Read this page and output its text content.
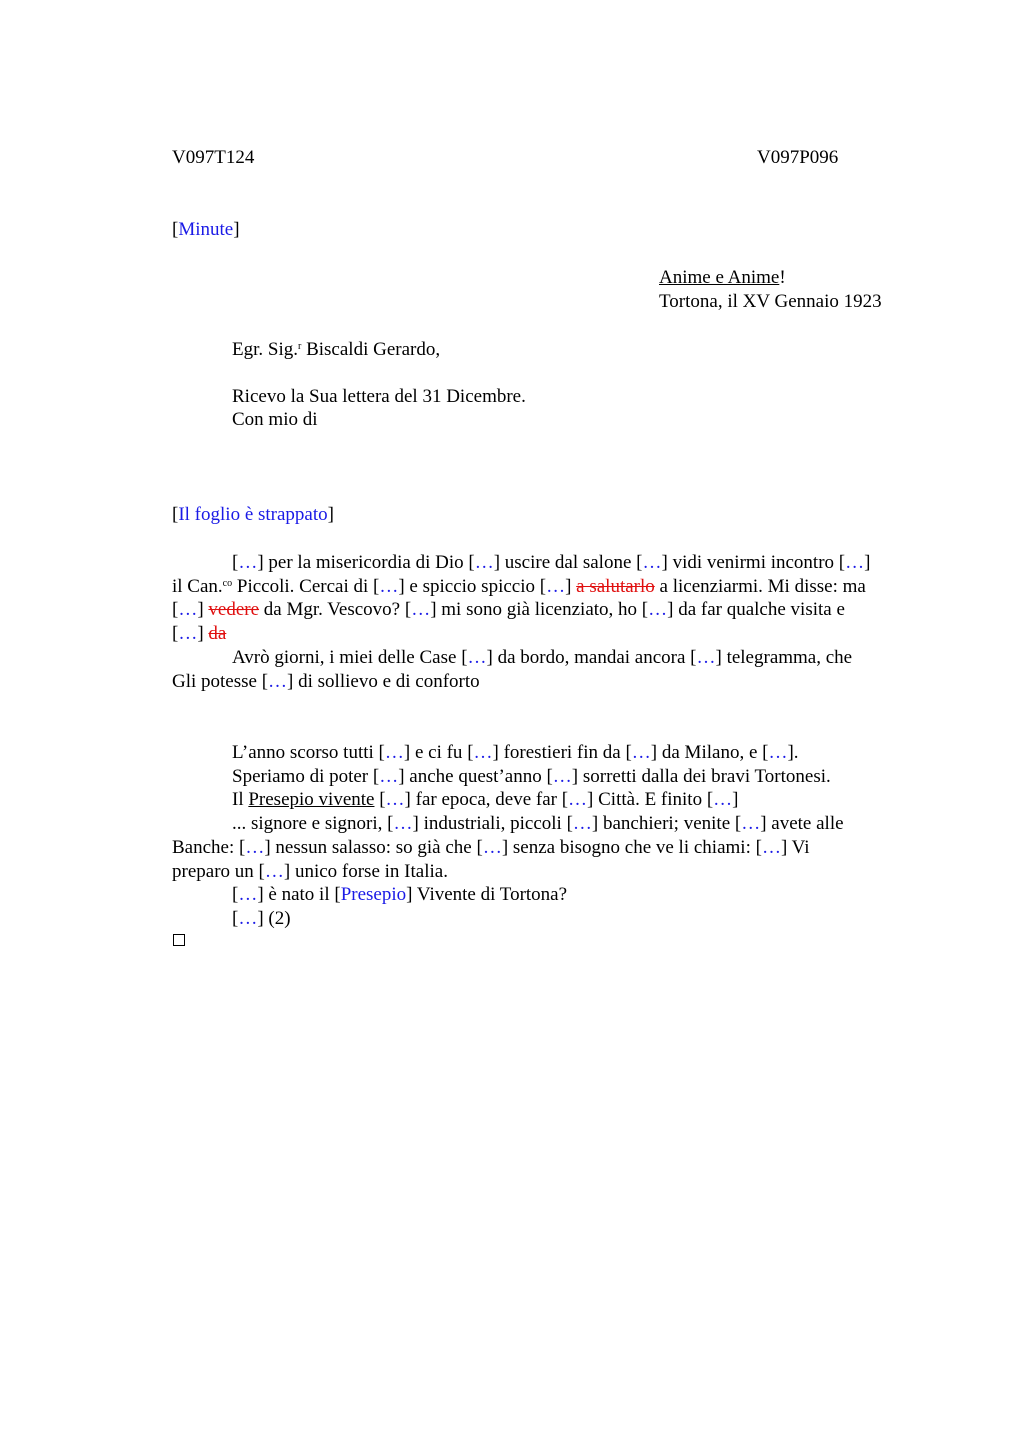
V097T124	V097P096
[Minute]
Anime e Anime!
Tortona, il XV Gennaio 1923
Egr. Sig.$^r$ Biscaldi Gerardo,
Ricevo la Sua lettera del 31 Dicembre.
Con mio di
[Il foglio è strappato]
[…] per la misericordia di Dio […] uscire dal salone […] vidi venirmi incontro […]
il Can.$^{co}$ Piccoli. Cercai di […] e spiccio spiccio […] a salutarlo a licenziarmi. Mi disse: ma
[…] vedere da Mgr. Vescovo? […] mi sono già licenziato, ho […] da far qualche visita e
[…] da
Avrò giorni, i miei delle Case […] da bordo, mandai ancora […] telegramma, che
Gli potesse […] di sollievo e di conforto
L’anno scorso tutti […] e ci fu […] forestieri fin da […] da Milano, e […].
Speriamo di poter […] anche quest’anno […] sorretti dalla dei bravi Tortonesi.
Il Presepio vivente […] far epoca, deve far […] Città. E finito […]
... signore e signori, […] industriali, piccoli […] banchieri; venite […] avete alle
Banche: […] nessun salasso: so già che […] senza bisogno che ve li chiami: […] Vi
preparo un […] unico forse in Italia.
[…] è nato il [Presepio] Vivente di Tortona?
[…] (2)
